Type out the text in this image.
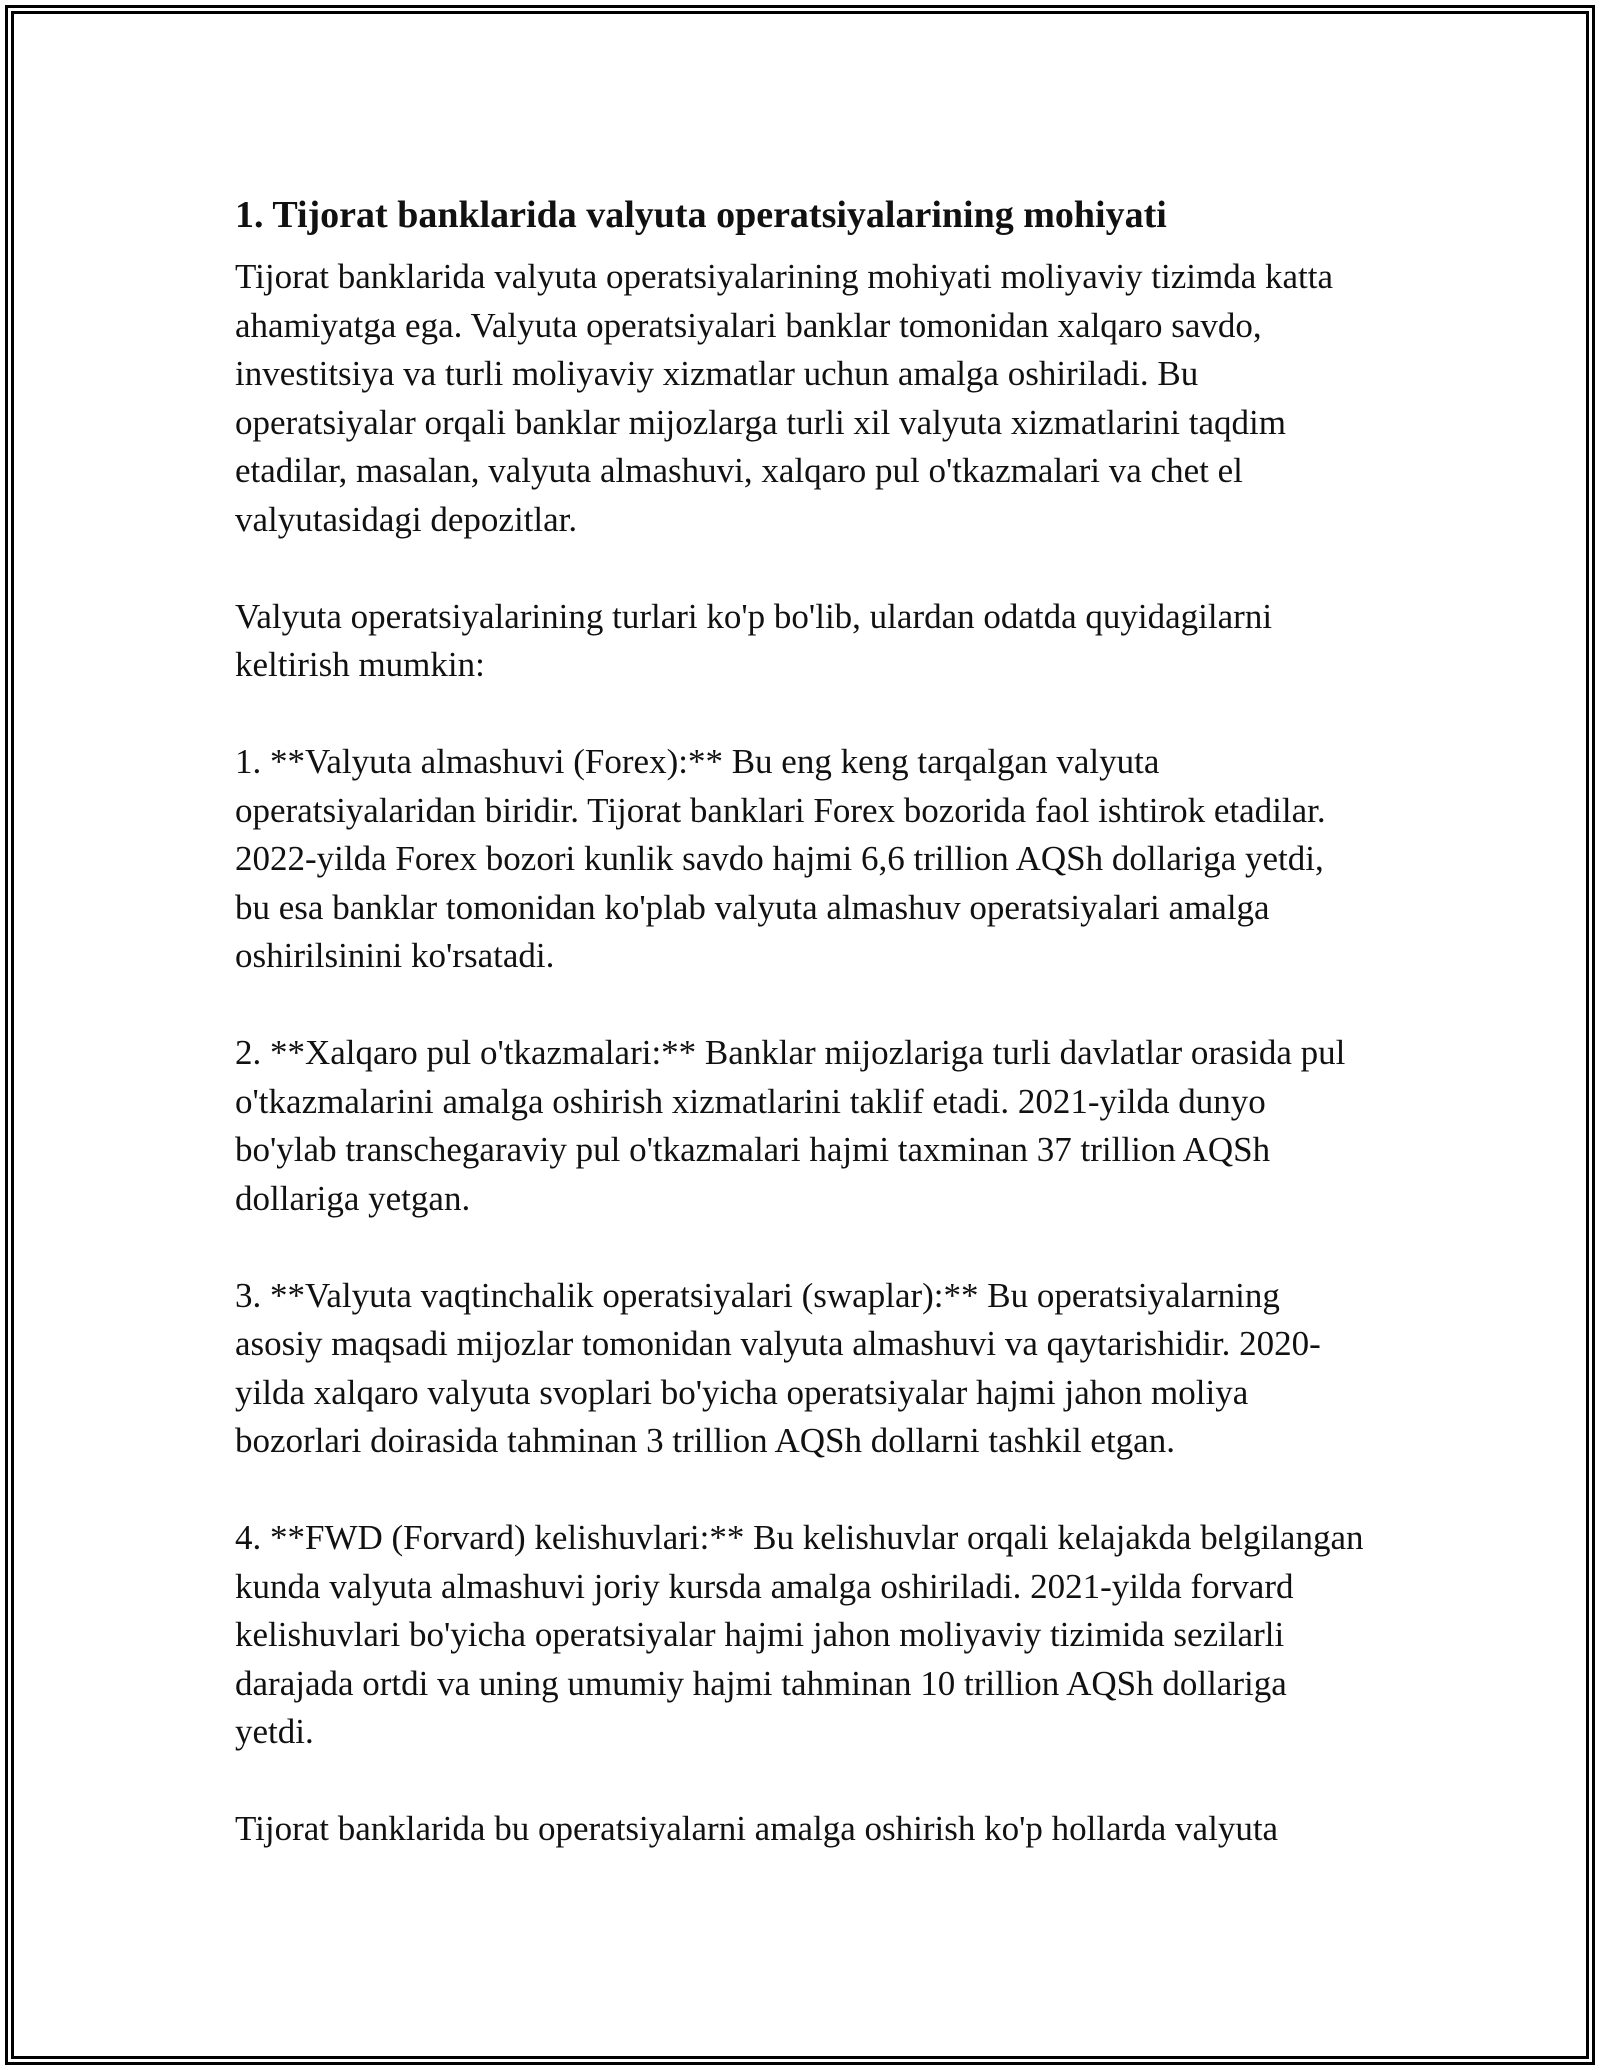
1. Tijorat banklarida valyuta operatsiyalarining mohiyati

Tijorat banklarida valyuta operatsiyalarining mohiyati moliyaviy tizimda katta ahamiyatga ega. Valyuta operatsiyalari banklar tomonidan xalqaro savdo, investitsiya va turli moliyaviy xizmatlar uchun amalga oshiriladi. Bu operatsiyalar orqali banklar mijozlarga turli xil valyuta xizmatlarini taqdim etadilar, masalan, valyuta almashuvi, xalqaro pul o'tkazmalari va chet el valyutasidagi depozitlar.

Valyuta operatsiyalarining turlari ko'p bo'lib, ulardan odatda quyidagilarni keltirish mumkin:

1. **Valyuta almashuvi (Forex):** Bu eng keng tarqalgan valyuta operatsiyalaridan biridir. Tijorat banklari Forex bozorida faol ishtirok etadilar. 2022-yilda Forex bozori kunlik savdo hajmi 6,6 trillion AQSh dollariga yetdi, bu esa banklar tomonidan ko'plab valyuta almashuv operatsiyalari amalga oshirilsinini ko'rsatadi.

2. **Xalqaro pul o'tkazmalari:** Banklar mijozlariga turli davlatlar orasida pul o'tkazmalarini amalga oshirish xizmatlarini taklif etadi. 2021-yilda dunyo bo'ylab transchegaraviy pul o'tkazmalari hajmi taxminan 37 trillion AQSh dollariga yetgan.

3. **Valyuta vaqtinchalik operatsiyalari (swaplar):** Bu operatsiyalarning asosiy maqsadi mijozlar tomonidan valyuta almashuvi va qaytarishidir. 2020-yilda xalqaro valyuta svoplari bo'yicha operatsiyalar hajmi jahon moliya bozorlari doirasida tahminan 3 trillion AQSh dollarni tashkil etgan.

4. **FWD (Forvard) kelishuvlari:** Bu kelishuvlar orqali kelajakda belgilangan kunda valyuta almashuvi joriy kursda amalga oshiriladi. 2021-yilda forvard kelishuvlari bo'yicha operatsiyalar hajmi jahon moliyaviy tizimida sezilarli darajada ortdi va uning umumiy hajmi tahminan 10 trillion AQSh dollariga yetdi.

Tijorat banklarida bu operatsiyalarni amalga oshirish ko'p hollarda valyuta
